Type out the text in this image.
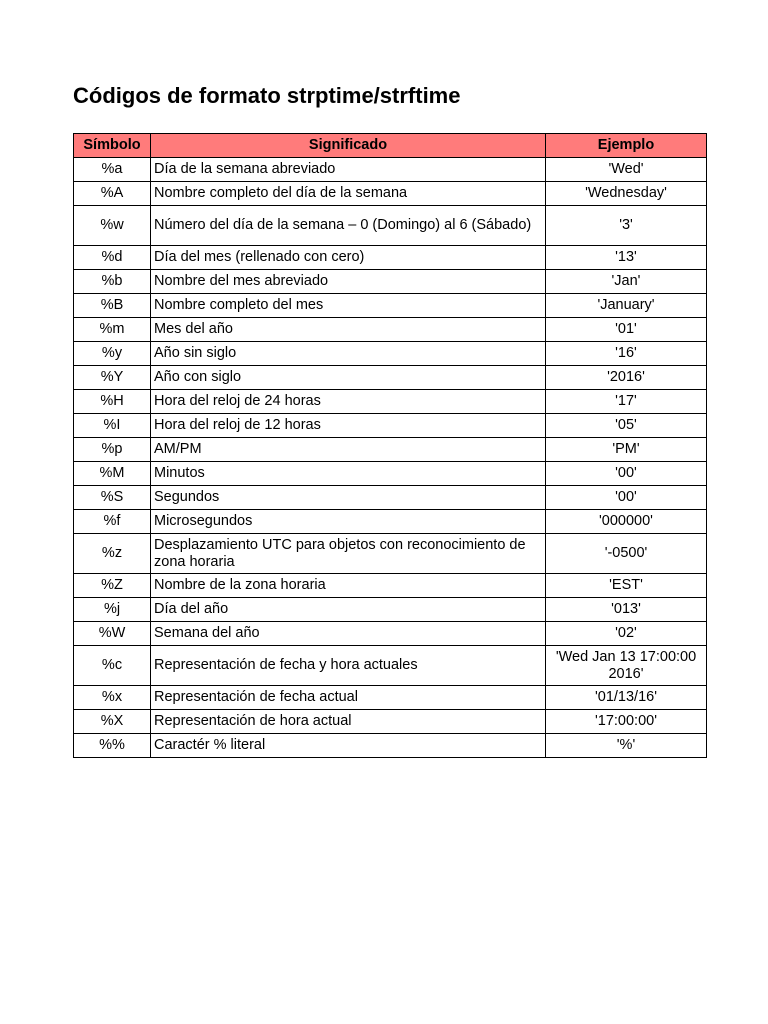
Códigos de formato strptime/strftime
Símbolo	Significado	Ejemplo
%a	Día de la semana abreviado	'Wed'
%A	Nombre completo del día de la semana	'Wednesday'
%w	Número del día de la semana – 0 (Domingo) al 6 (Sábado)	'3'
%d	Día del mes (rellenado con cero)	'13'
%b	Nombre del mes abreviado	'Jan'
%B	Nombre completo del mes	'January'
%m	Mes del año	'01'
%y	Año sin siglo	'16'
%Y	Año con siglo	'2016'
%H	Hora del reloj de 24 horas	'17'
%I	Hora del reloj de 12 horas	'05'
%p	AM/PM	'PM'
%M	Minutos	'00'
%S	Segundos	'00'
%f	Microsegundos	'000000'
%z	Desplazamiento UTC para objetos con reconocimiento de zona horaria	'-0500'
%Z	Nombre de la zona horaria	'EST'
%j	Día del año	'013'
%W	Semana del año	'02'
%c	Representación de fecha y hora actuales	'Wed Jan 13 17:00:00 2016'
%x	Representación de fecha actual	'01/13/16'
%X	Representación de hora actual	'17:00:00'
%%	Caractér % literal	'%'
